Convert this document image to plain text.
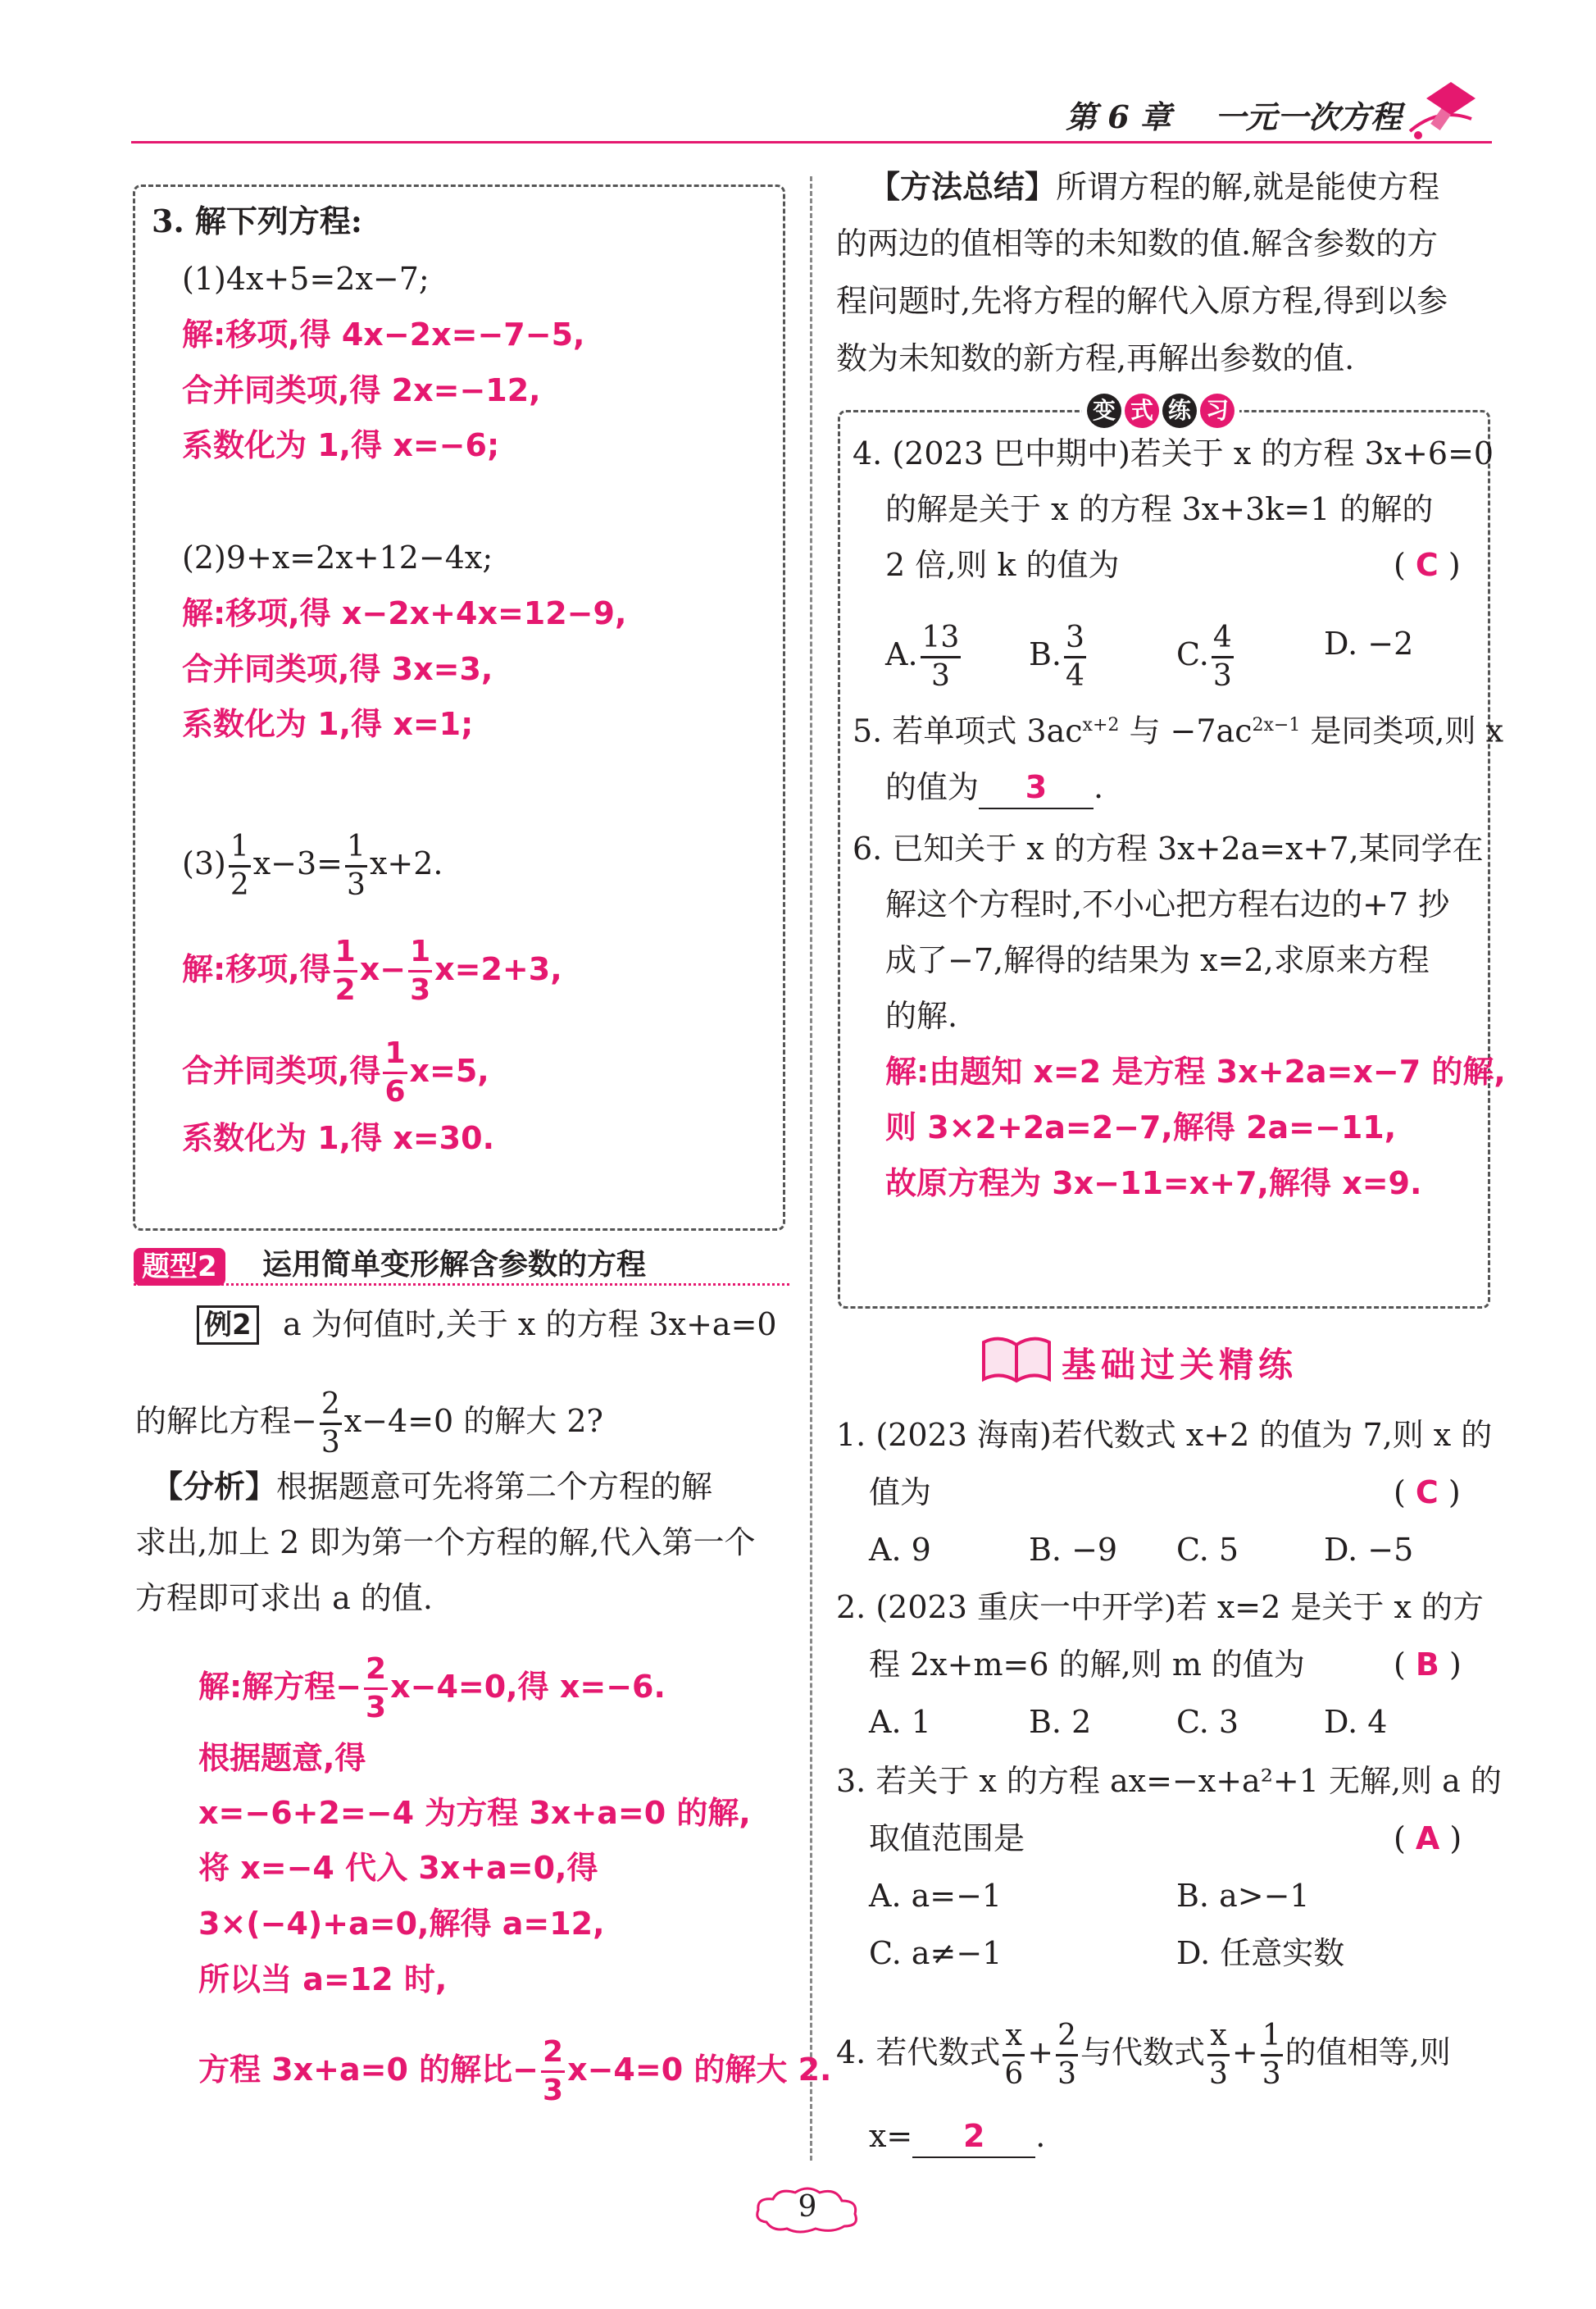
第 6 章    一元一次方程
3. 解下列方程:
(1)4x+5=2x−7;
解:移项,得 4x−2x=−7−5,
合并同类项,得 2x=−12,
系数化为 1,得 x=−6;
(2)9+x=2x+12−4x;
解:移项,得 x−2x+4x=12−9,
合并同类项,得 3x=3,
系数化为 1,得 x=1;
$(3) \frac{1}{2} x-3= \frac{1}{3} x+2$.
解:移项,得 $\frac{1}{2} x- \frac{1}{3} x=2+3$,
合并同类项,得 $\frac{1}{6} x=5$,
系数化为 1,得 x=30.
题型2 运用简单变形解含参数的方程
例2 a 为何值时,关于 x 的方程 3x+a=0
的解比方程− $\frac{2}{3} x-4=0$ 的解大 2?
【分析】根据题意可先将第二个方程的解
求出,加上 2 即为第一个方程的解,代入第一个
方程即可求出 a 的值.
解:解方程− $\frac{2}{3} x-4=0$,得 x=−6.
根据题意,得
x=−6+2=−4 为方程 3x+a=0 的解,
将 x=−4 代入 3x+a=0,得
3×(−4)+a=0,解得 a=12,
所以当 a=12 时,
方程 3x+a=0 的解比− $\frac{2}{3} x-4=0$ 的解大 2.
【方法总结】所谓方程的解,就是能使方程
的两边的值相等的未知数的值.解含参数的方
程问题时,先将方程的解代入原方程,得到以参
数为未知数的新方程,再解出参数的值.
变 式 练 习
4. (2023 巴中期中)若关于 x 的方程 3x+6=0
的解是关于 x 的方程 3x+3k=1 的解的
2 倍,则 k 的值为	( C )
A. $\frac{13}{3} B$. $\frac{3}{4}$	C. $\frac{4}{3}$	D. −2
5. 若单项式 $3ac^{x+2}$ 与 $-7ac^{2x-1}$ 是同类项,则 x
的值为 3 .
6. 已知关于 x 的方程 3x+2a=x+7,某同学在
解这个方程时,不小心把方程右边的+7 抄
成了−7,解得的结果为 x=2,求原来方程
的解.
解:由题知 x=2 是方程 3x+2a=x−7 的解,
则 3×2+2a=2−7,解得 2a=−11,
故原方程为 3x−11=x+7,解得 x=9.
基础过关精练
1. (2023 海南)若代数式 x+2 的值为 7,则 x 的
值为	( C )
A. 9	B. −9 C. 5	D. −5
2. (2023 重庆一中开学)若 x=2 是关于 x 的方
程 2x+m=6 的解,则 m 的值为	( B )
A. 1	B. 2	C. 3	D. 4
3. 若关于 x 的方程 ax=−x+a²+1 无解,则 a 的
取值范围是	( A )
A. a=−1	B. a>−1
C. a≠−1	D. 任意实数
4. 若代数式 $\frac{x}{6} + \frac{2}{3}$ 与代数式 $\frac{x}{3} + \frac{1}{3}$ 的值相等,则
x= 2 .
9
